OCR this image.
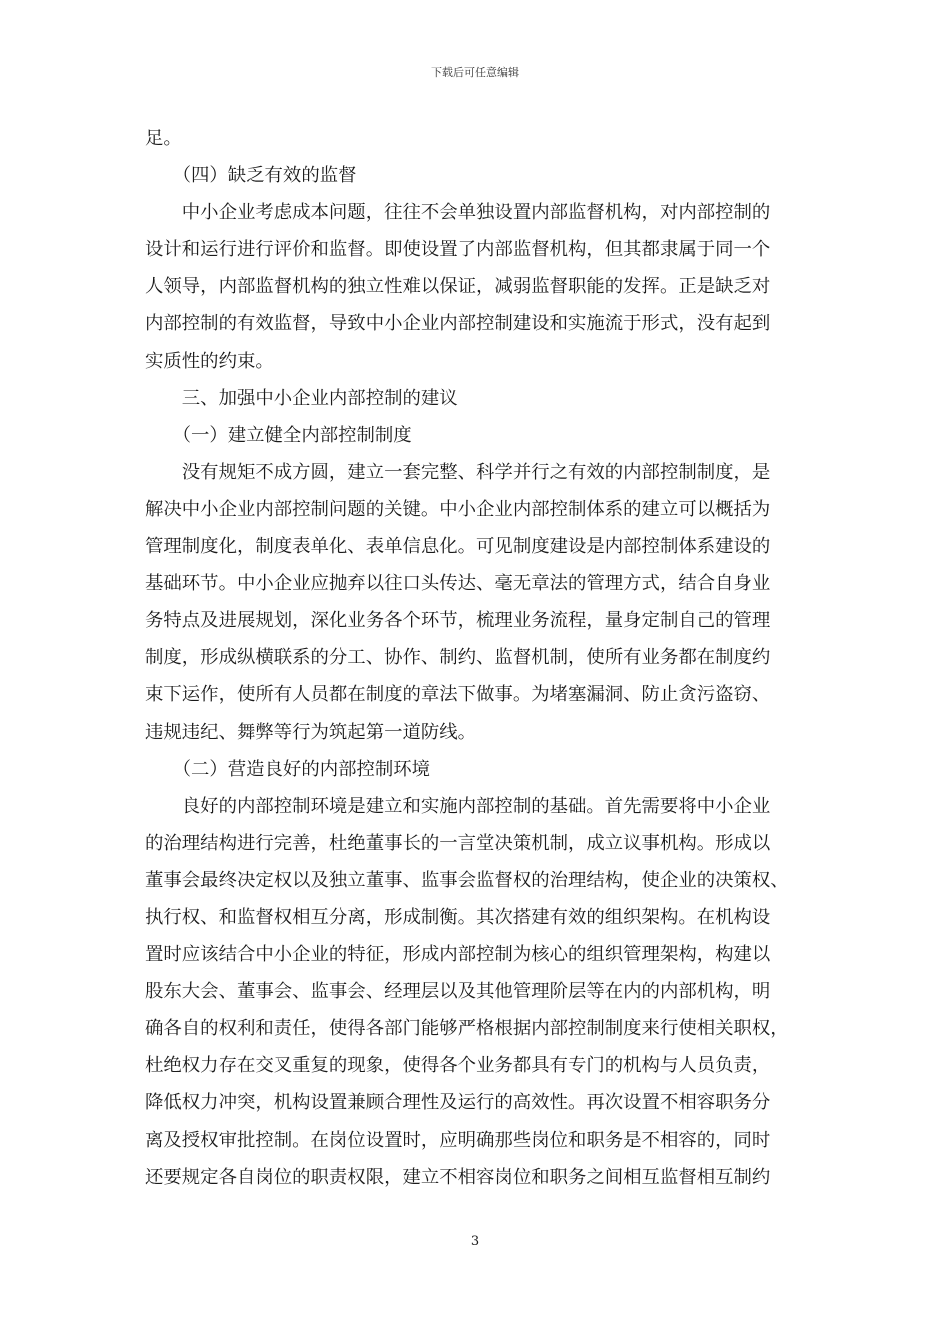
下载后可任意编辑
足。
　　（四）缺乏有效的监督
　　中小企业考虑成本问题，往往不会单独设置内部监督机构，对内部控制的
设计和运行进行评价和监督。即使设置了内部监督机构，但其都隶属于同一个
人领导，内部监督机构的独立性难以保证，减弱监督职能的发挥。正是缺乏对
内部控制的有效监督，导致中小企业内部控制建设和实施流于形式，没有起到
实质性的约束。
　　三、加强中小企业内部控制的建议
　　（一）建立健全内部控制制度
　　没有规矩不成方圆，建立一套完整、科学并行之有效的内部控制制度，是
解决中小企业内部控制问题的关键。中小企业内部控制体系的建立可以概括为
管理制度化，制度表单化、表单信息化。可见制度建设是内部控制体系建设的
基础环节。中小企业应抛弃以往口头传达、毫无章法的管理方式，结合自身业
务特点及进展规划，深化业务各个环节，梳理业务流程，量身定制自己的管理
制度，形成纵横联系的分工、协作、制约、监督机制，使所有业务都在制度约
束下运作，使所有人员都在制度的章法下做事。为堵塞漏洞、防止贪污盗窃、
违规违纪、舞弊等行为筑起第一道防线。
　　（二）营造良好的内部控制环境
　　良好的内部控制环境是建立和实施内部控制的基础。首先需要将中小企业
的治理结构进行完善，杜绝董事长的一言堂决策机制，成立议事机构。形成以
董事会最终决定权以及独立董事、监事会监督权的治理结构，使企业的决策权、
执行权、和监督权相互分离，形成制衡。其次搭建有效的组织架构。在机构设
置时应该结合中小企业的特征，形成内部控制为核心的组织管理架构，构建以
股东大会、董事会、监事会、经理层以及其他管理阶层等在内的内部机构，明
确各自的权利和责任，使得各部门能够严格根据内部控制制度来行使相关职权，
杜绝权力存在交叉重复的现象，使得各个业务都具有专门的机构与人员负责，
降低权力冲突，机构设置兼顾合理性及运行的高效性。再次设置不相容职务分
离及授权审批控制。在岗位设置时，应明确那些岗位和职务是不相容的，同时
还要规定各自岗位的职责权限，建立不相容岗位和职务之间相互监督相互制约
3
